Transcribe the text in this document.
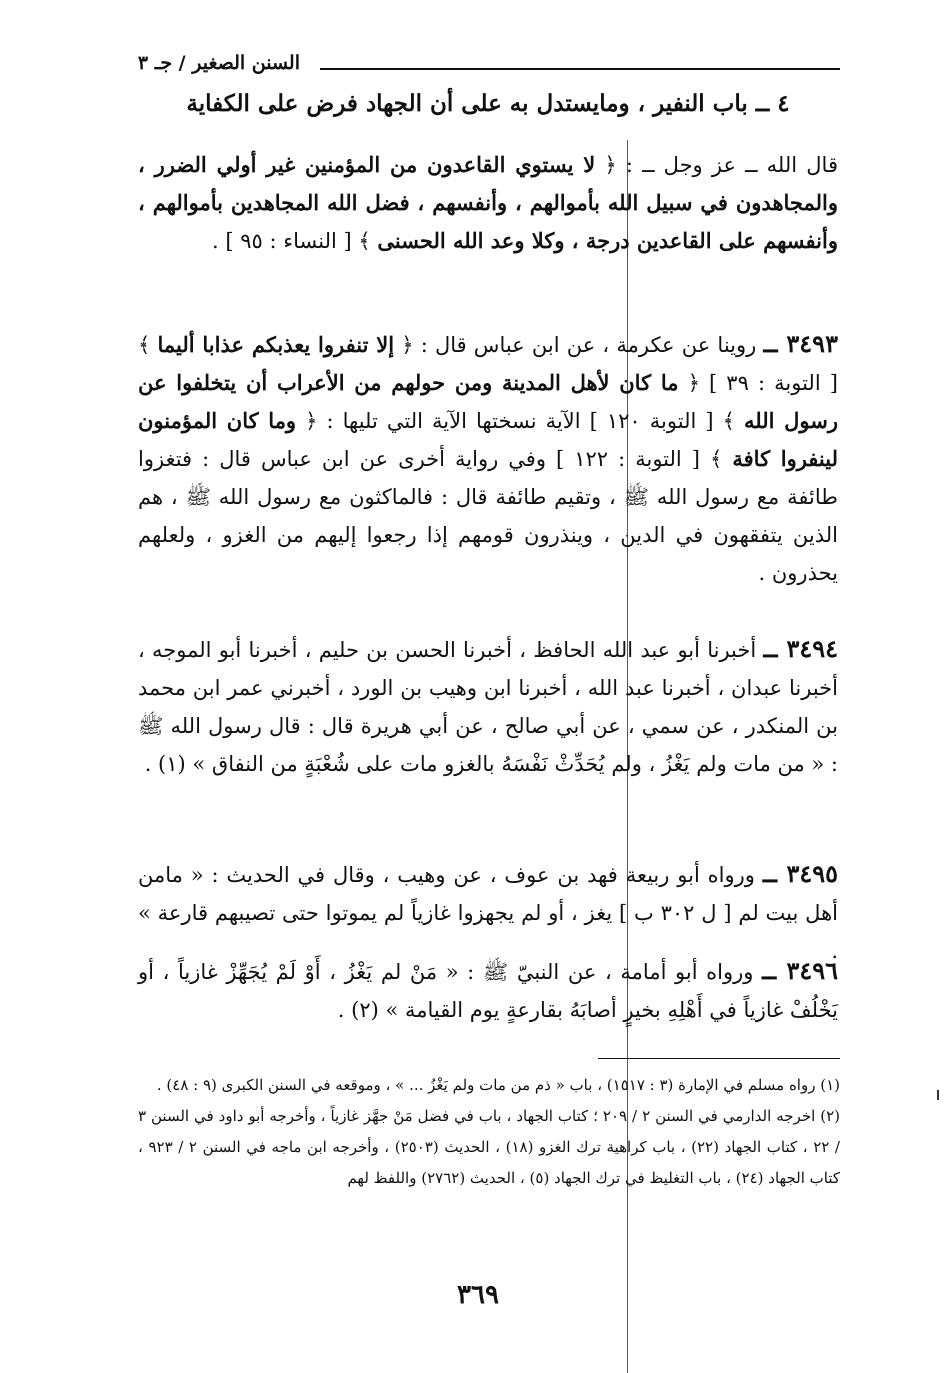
السنن الصغير / جـ ٣
٤ ــ باب النفير ، ومايستدل به على أن الجهاد فرض على الكفاية
قال الله ــ عز وجل ــ : ﴿ لا يستوي القاعدون من المؤمنين غير أولي الضرر ، والمجاهدون في سبيل الله بأموالهم ، وأنفسهم ، فضل الله المجاهدين بأموالهم ، وأنفسهم على القاعدين درجة ، وكلا وعد الله الحسنى ﴾ [ النساء : ٩٥ ] .
٣٤٩٣ ــ روينا عن عكرمة ، عن ابن عباس قال : ﴿ إلا تنفروا يعذبكم عذابا أليما ﴾ [ التوبة : ٣٩ ] ﴿ ما كان لأهل المدينة ومن حولهم من الأعراب أن يتخلفوا عن رسول الله ﴾ [ التوبة ١٢٠ ] الآية نسختها الآية التي تليها : ﴿ وما كان المؤمنون لينفروا كافة ﴾ [ التوبة : ١٢٢ ] وفي رواية أخرى عن ابن عباس قال : فتغزوا طائفة مع رسول الله ﷺ ، وتقيم طائفة قال : فالماكثون مع رسول الله ﷺ ، هم الذين يتفقهون في الدين ، وينذرون قومهم إذا رجعوا إليهم من الغزو ، ولعلهم يحذرون .
٣٤٩٤ ــ أخبرنا أبو عبد الله الحافظ ، أخبرنا الحسن بن حليم ، أخبرنا أبو الموجه ، أخبرنا عبدان ، أخبرنا عبد الله ، أخبرنا ابن وهيب بن الورد ، أخبرني عمر ابن محمد بن المنكدر ، عن سمي ، عن أبي صالح ، عن أبي هريرة قال : قال رسول الله ﷺ : « من مات ولم يَغْزُ ، ولم يُحَدِّثْ نَفْسَهُ بالغزو مات على شُعْبَةٍ من النفاق » (١) .
٣٤٩٥ ــ ورواه أبو ربيعة فهد بن عوف ، عن وهيب ، وقال في الحديث : « مامن أهل بيت لم [ ل ٣٠٢ ب ] يغز ، أو لم يجهزوا غازياً لم يموتوا حتى تصيبهم قارعة » .
٣٤٩٦ ــ ورواه أبو أمامة ، عن النبيّ ﷺ : « مَنْ لم يَغْزُ ، أَوْ لَمْ يُجَهِّزْ غازياً ، أو يَخْلُفْ غازياً في أَهْلِهِ بخيرٍ أصابَهُ بقارعةٍ يوم القيامة » (٢) .

(١) رواه مسلم في الإمارة (٣ : ١٥١٧) ، باب « ذم من مات ولم يَغْزُ ... » ، وموقعه في السنن الكبرى (٩ : ٤٨) .

(٢) اخرجه الدارمي في السنن ٢ / ٢٠٩ ؛ كتاب الجهاد ، باب في فضل مَنْ جهَّز غازياً ، وأخرجه أبو داود في السنن ٣ / ٢٢ ، كتاب الجهاد (٢٢) ، باب كراهية ترك الغزو (١٨) ، الحديث (٢٥٠٣) ، وأخرجه ابن ماجه في السنن ٢ / ٩٢٣ ، كتاب الجهاد (٢٤) ، باب التغليظ في ترك الجهاد (٥) ، الحديث (٢٧٦٢) واللفظ لهم

٣٦٩
